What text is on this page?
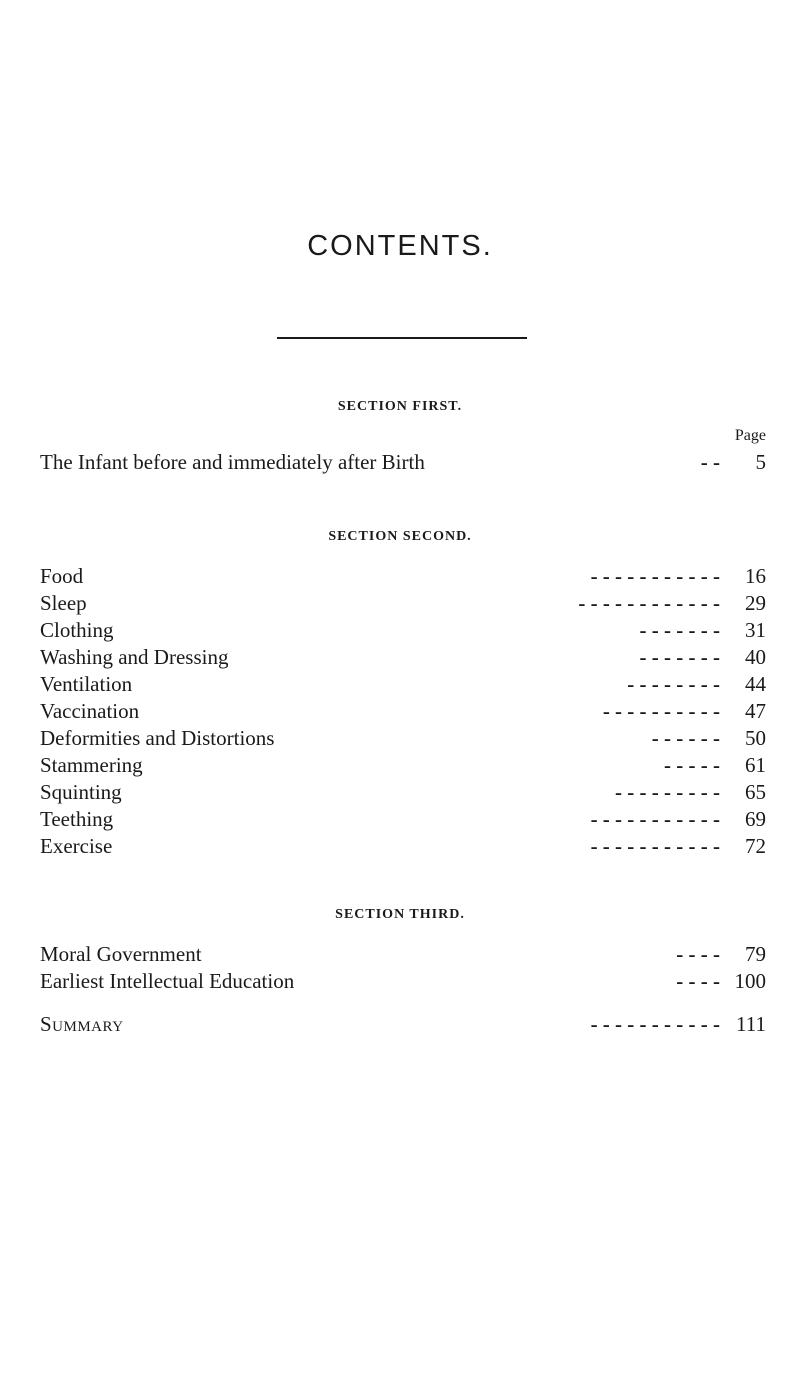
CONTENTS.
SECTION FIRST.
Page
The Infant before and immediately after Birth	- -	5
SECTION SECOND.
Food	- - - - - - - - - - -	16
Sleep	- - - - - - - - - - - -	29
Clothing	- - - - - - -	31
Washing and Dressing	- - - - - - -	40
Ventilation	- - - - - - - -	44
Vaccination	- - - - - - - - - -	47
Deformities and Distortions	- - - - - -	50
Stammering	- - - - -	61
Squinting	- - - - - - - - -	65
Teething	- - - - - - - - - - -	69
Exercise	- - - - - - - - - - -	72
SECTION THIRD.
Moral Government	- - - -	79
Earliest Intellectual Education	- - - - 100
Summary	- - - - - - - - - - - 111
